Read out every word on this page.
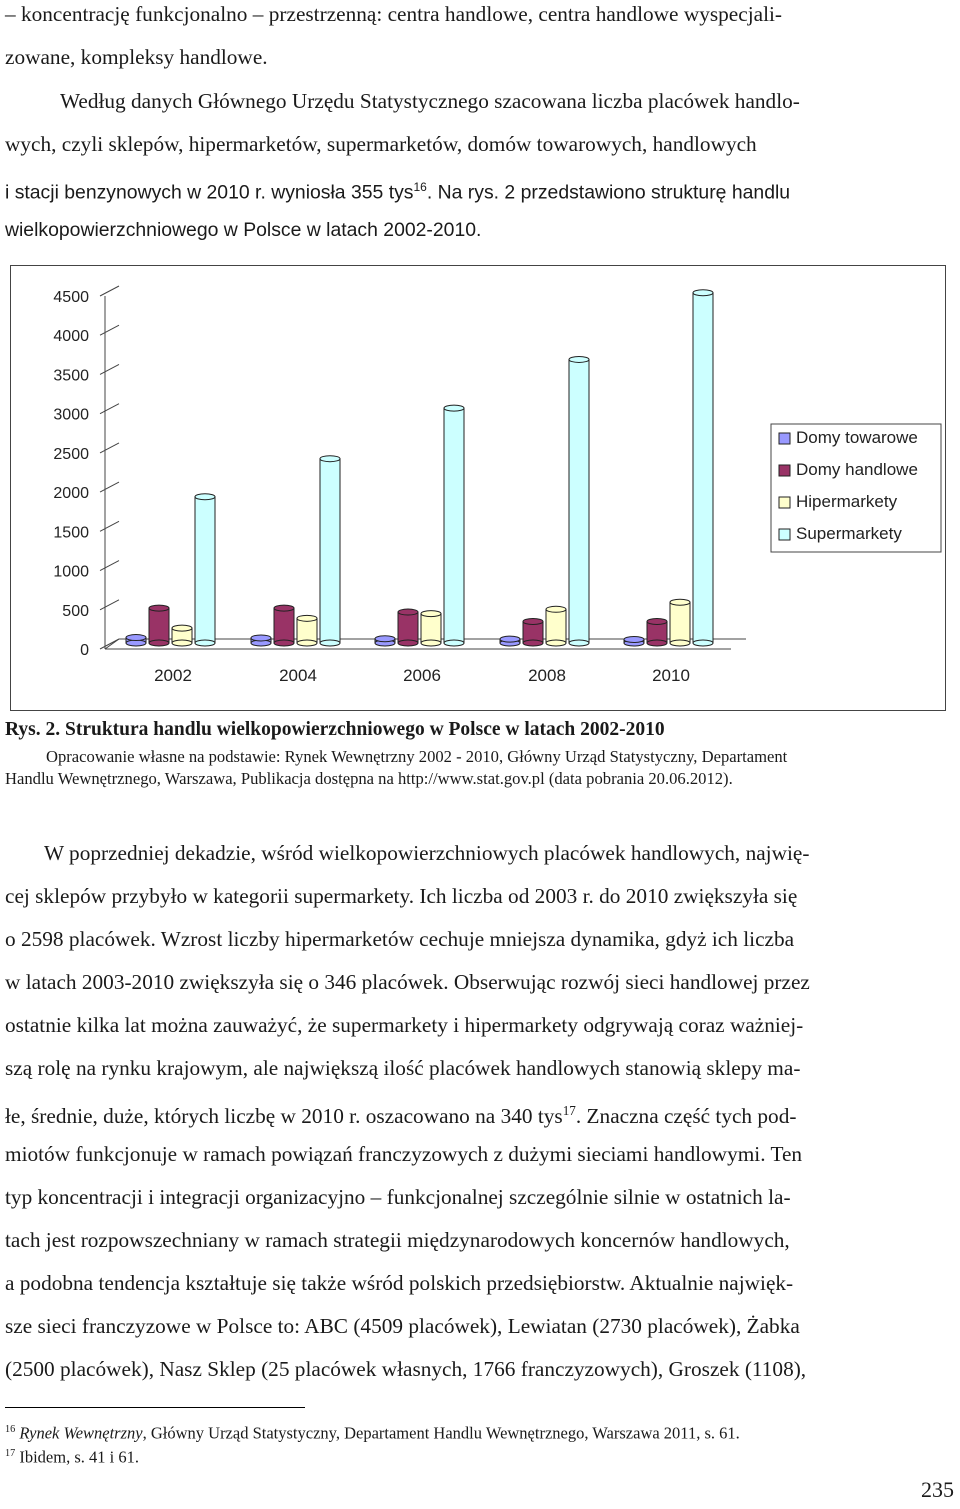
– koncentrację funkcjonalno – przestrzenną: centra handlowe, centra handlowe wyspecjali-
zowane, kompleksy handlowe.
Według danych Głównego Urzędu Statystycznego szacowana liczba placówek handlo-
wych, czyli sklepów, hipermarketów, supermarketów, domów towarowych, handlowych
i stacji benzynowych w 2010 r. wyniosła 355 tys$^{16}$. Na rys. 2 przedstawiono strukturę handlu
wielkopowierzchniowego w Polsce w latach 2002-2010.
4500
4000
3500
3000
2500
2000
1500
1000
500
0
2002	2004	2006	2008	2010
Domy towarowe
Domy handlowe
Hipermarkety
Supermarkety
Rys. 2. Struktura handlu wielkopowierzchniowego w Polsce w latach 2002-2010
Opracowanie własne na podstawie: Rynek Wewnętrzny 2002 - 2010, Główny Urząd Statystyczny, Departament
Handlu Wewnętrznego, Warszawa, Publikacja dostępna na http://www.stat.gov.pl (data pobrania 20.06.2012).
W poprzedniej dekadzie, wśród wielkopowierzchniowych placówek handlowych, najwię-
cej sklepów przybyło w kategorii supermarkety. Ich liczba od 2003 r. do 2010 zwiększyła się
o 2598 placówek. Wzrost liczby hipermarketów cechuje mniejsza dynamika, gdyż ich liczba
w latach 2003-2010 zwiększyła się o 346 placówek. Obserwując rozwój sieci handlowej przez
ostatnie kilka lat można zauważyć, że supermarkety i hipermarkety odgrywają coraz ważniej-
szą rolę na rynku krajowym, ale największą ilość placówek handlowych stanowią sklepy ma-
łe, średnie, duże, których liczbę w 2010 r. oszacowano na 340 tys$^{17}$. Znaczna część tych pod-
miotów funkcjonuje w ramach powiązań franczyzowych z dużymi sieciami handlowymi. Ten
typ koncentracji i integracji organizacyjno – funkcjonalnej szczególnie silnie w ostatnich la-
tach jest rozpowszechniany w ramach strategii międzynarodowych koncernów handlowych,
a podobna tendencja kształtuje się także wśród polskich przedsiębiorstw. Aktualnie najwięk-
sze sieci franczyzowe w Polsce to: ABC (4509 placówek), Lewiatan (2730 placówek), Żabka
(2500 placówek), Nasz Sklep (25 placówek własnych, 1766 franczyzowych), Groszek (1108),
$^{16}$ Rynek Wewnętrzny, Główny Urząd Statystyczny, Departament Handlu Wewnętrznego, Warszawa 2011, s. 61.
$^{17}$ Ibidem, s. 41 i 61.
235
